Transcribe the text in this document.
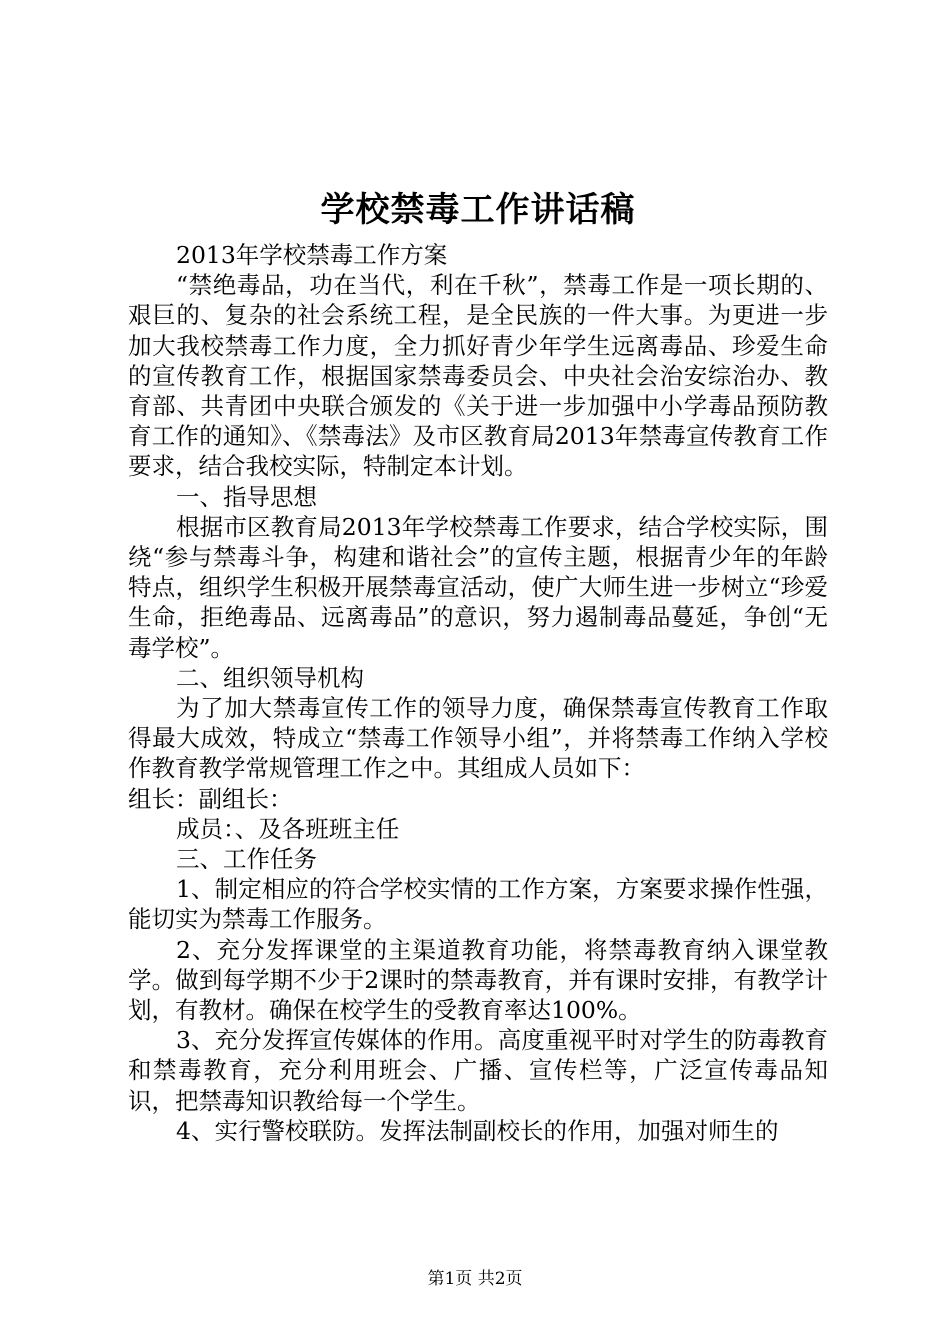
学校禁毒工作讲话稿

2013年学校禁毒工作方案

“禁绝毒品，功在当代，利在千秋”，禁毒工作是一项长期的、艰巨的、复杂的社会系统工程，是全民族的一件大事。为更进一步加大我校禁毒工作力度，全力抓好青少年学生远离毒品、珍爱生命的宣传教育工作，根据国家禁毒委员会、中央社会治安综治办、教育部、共青团中央联合颁发的《关于进一步加强中小学毒品预防教育工作的通知》、《禁毒法》及市区教育局2013年禁毒宣传教育工作要求，结合我校实际，特制定本计划。

一、指导思想

根据市区教育局2013年学校禁毒工作要求，结合学校实际，围绕“参与禁毒斗争，构建和谐社会”的宣传主题，根据青少年的年龄特点，组织学生积极开展禁毒宣活动，使广大师生进一步树立“珍爱生命，拒绝毒品、远离毒品”的意识，努力遏制毒品蔓延，争创“无毒学校”。

二、组织领导机构

为了加大禁毒宣传工作的领导力度，确保禁毒宣传教育工作取得最大成效，特成立“禁毒工作领导小组”，并将禁毒工作纳入学校作教育教学常规管理工作之中。其组成人员如下：

组长：副组长：

成员：、及各班班主任

三、工作任务

1、制定相应的符合学校实情的工作方案，方案要求操作性强，能切实为禁毒工作服务。

2、充分发挥课堂的主渠道教育功能，将禁毒教育纳入课堂教学。做到每学期不少于2课时的禁毒教育，并有课时安排，有教学计划，有教材。确保在校学生的受教育率达100%。

3、充分发挥宣传媒体的作用。高度重视平时对学生的防毒教育和禁毒教育，充分利用班会、广播、宣传栏等，广泛宣传毒品知识，把禁毒知识教给每一个学生。

4、实行警校联防。发挥法制副校长的作用，加强对师生的

第1页 共2页
